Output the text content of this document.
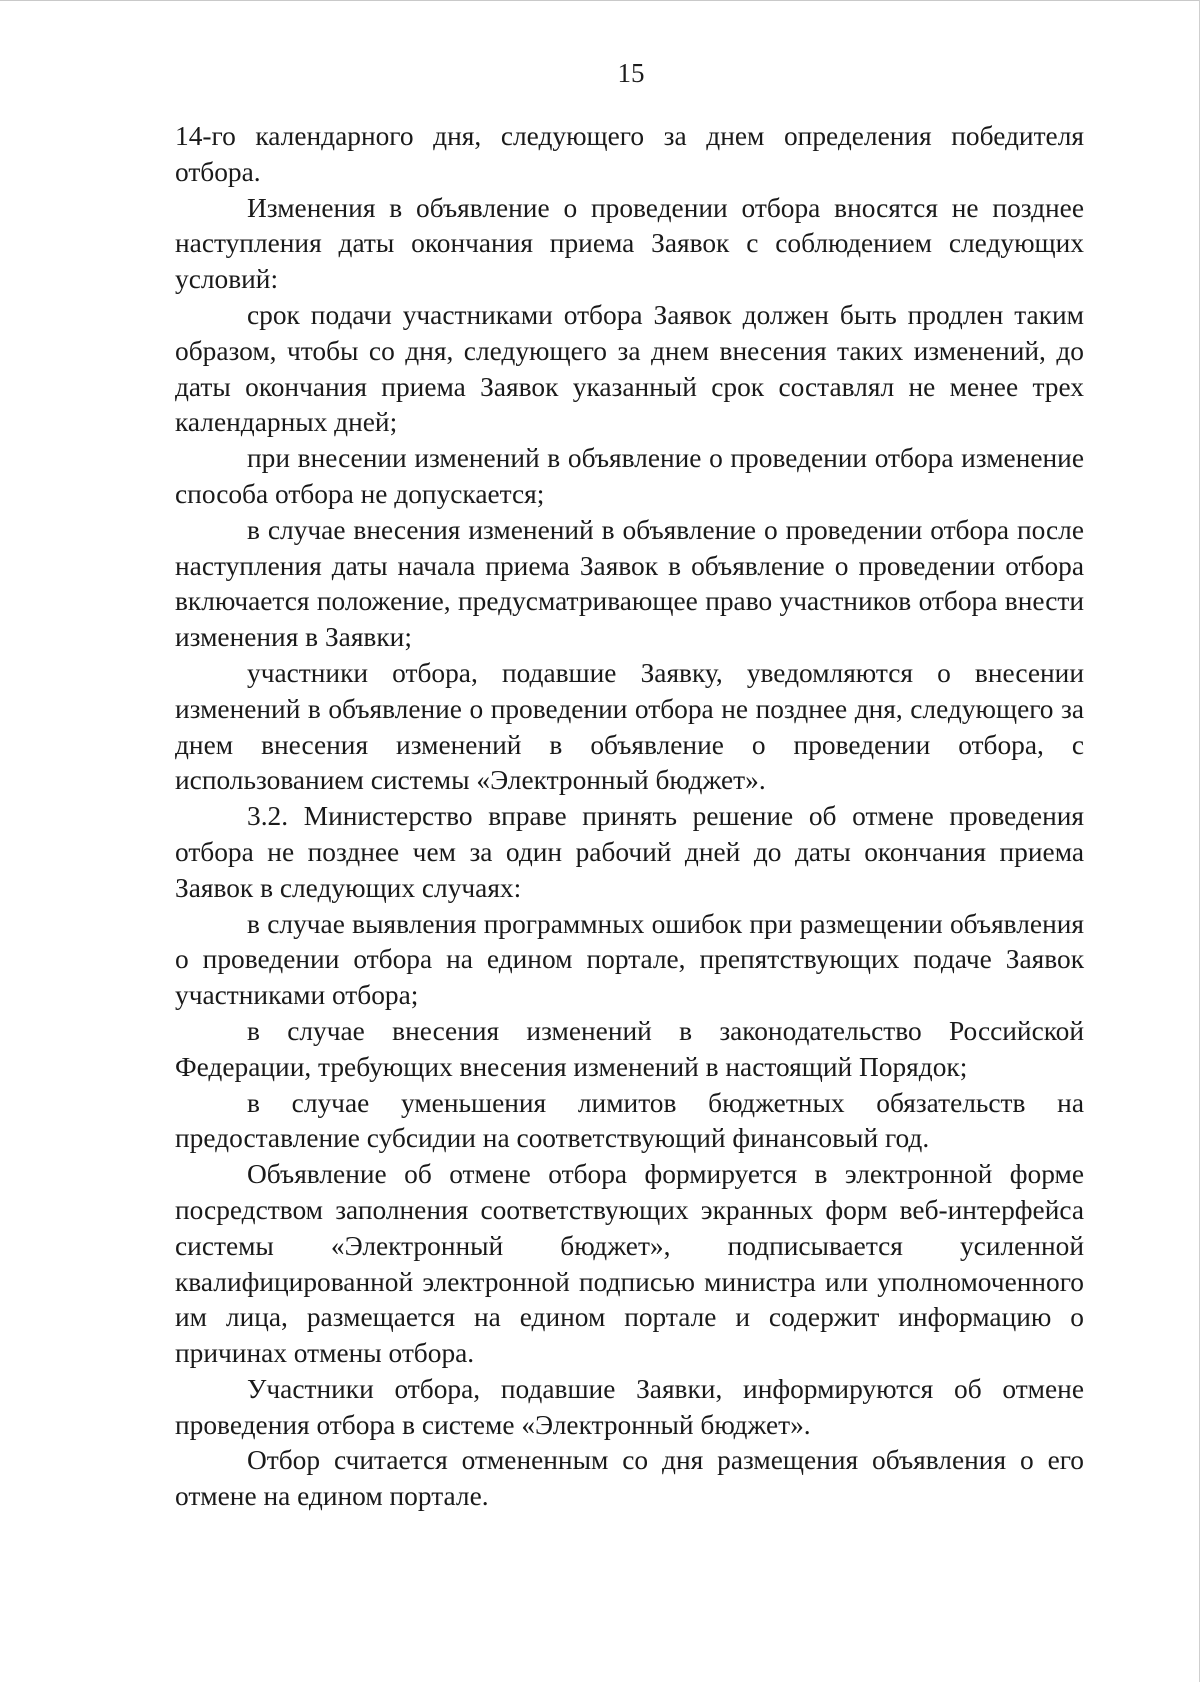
15

14-го календарного дня, следующего за днем определения победителя отбора.

Изменения в объявление о проведении отбора вносятся не позднее наступления даты окончания приема Заявок с соблюдением следующих условий:

срок подачи участниками отбора Заявок должен быть продлен таким образом, чтобы со дня, следующего за днем внесения таких изменений, до даты окончания приема Заявок указанный срок составлял не менее трех календарных дней;

при внесении изменений в объявление о проведении отбора изменение способа отбора не допускается;

в случае внесения изменений в объявление о проведении отбора после наступления даты начала приема Заявок в объявление о проведении отбора включается положение, предусматривающее право участников отбора внести изменения в Заявки;

участники отбора, подавшие Заявку, уведомляются о внесении изменений в объявление о проведении отбора не позднее дня, следующего за днем внесения изменений в объявление о проведении отбора, с использованием системы «Электронный бюджет».

3.2. Министерство вправе принять решение об отмене проведения отбора не позднее чем за один рабочий дней до даты окончания приема Заявок в следующих случаях:

в случае выявления программных ошибок при размещении объявления о проведении отбора на едином портале, препятствующих подаче Заявок участниками отбора;

в случае внесения изменений в законодательство Российской Федерации, требующих внесения изменений в настоящий Порядок;

в случае уменьшения лимитов бюджетных обязательств на предоставление субсидии на соответствующий финансовый год.

Объявление об отмене отбора формируется в электронной форме посредством заполнения соответствующих экранных форм веб-интерфейса системы «Электронный бюджет», подписывается усиленной квалифицированной электронной подписью министра или уполномоченного им лица, размещается на едином портале и содержит информацию о причинах отмены отбора.

Участники отбора, подавшие Заявки, информируются об отмене проведения отбора в системе «Электронный бюджет».

Отбор считается отмененным со дня размещения объявления о его отмене на едином портале.
